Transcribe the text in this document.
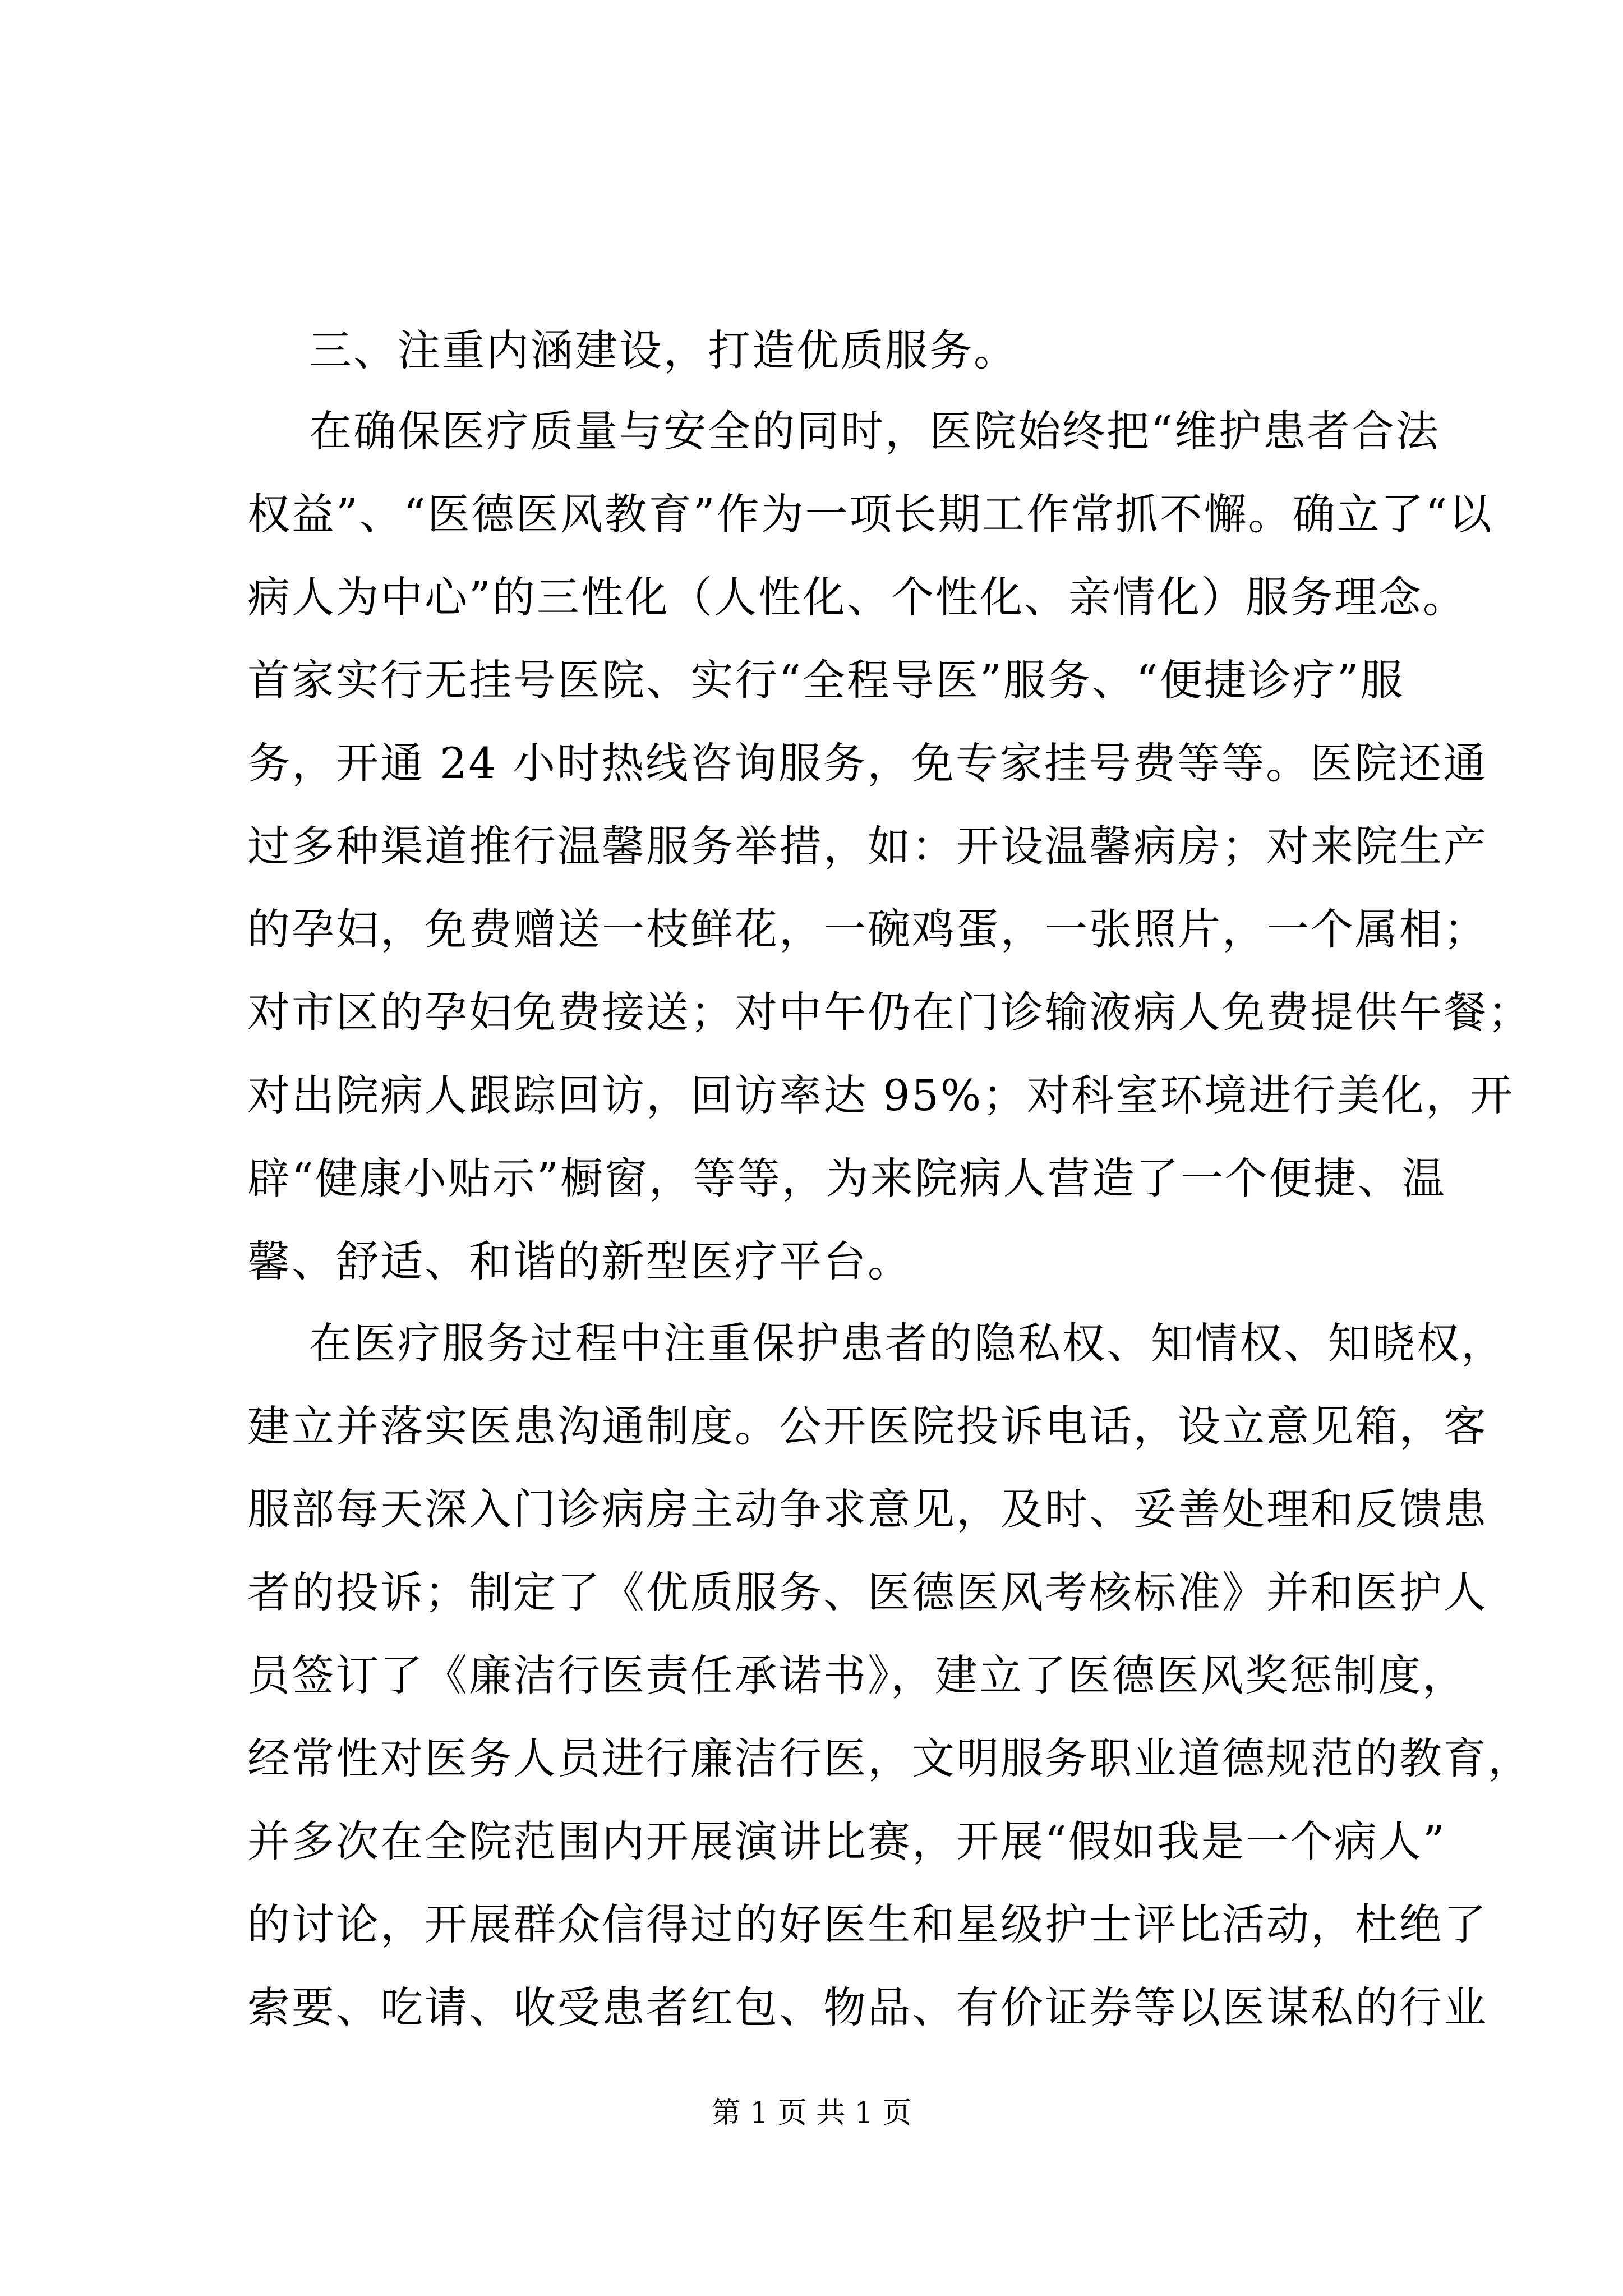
三、注重内涵建设，打造优质服务。
在确保医疗质量与安全的同时，医院始终把“维护患者合法
权益”、“医德医风教育”作为一项长期工作常抓不懈。确立了“以
病人为中心”的三性化（人性化、个性化、亲情化）服务理念。
首家实行无挂号医院、实行“全程导医”服务、“便捷诊疗”服
务，开通 24 小时热线咨询服务，免专家挂号费等等。医院还通
过多种渠道推行温馨服务举措，如：开设温馨病房；对来院生产
的孕妇，免费赠送一枝鲜花，一碗鸡蛋，一张照片，一个属相；
对市区的孕妇免费接送；对中午仍在门诊输液病人免费提供午餐；
对出院病人跟踪回访，回访率达 95%；对科室环境进行美化，开
辟“健康小贴示”橱窗，等等，为来院病人营造了一个便捷、温
馨、舒适、和谐的新型医疗平台。
在医疗服务过程中注重保护患者的隐私权、知情权、知晓权，
建立并落实医患沟通制度。公开医院投诉电话，设立意见箱，客
服部每天深入门诊病房主动争求意见，及时、妥善处理和反馈患
者的投诉；制定了《优质服务、医德医风考核标准》并和医护人
员签订了《廉洁行医责任承诺书》，建立了医德医风奖惩制度，
经常性对医务人员进行廉洁行医，文明服务职业道德规范的教育，
并多次在全院范围内开展演讲比赛，开展“假如我是一个病人”
的讨论，开展群众信得过的好医生和星级护士评比活动，杜绝了
索要、吃请、收受患者红包、物品、有价证券等以医谋私的行业
第 1 页 共 1 页
